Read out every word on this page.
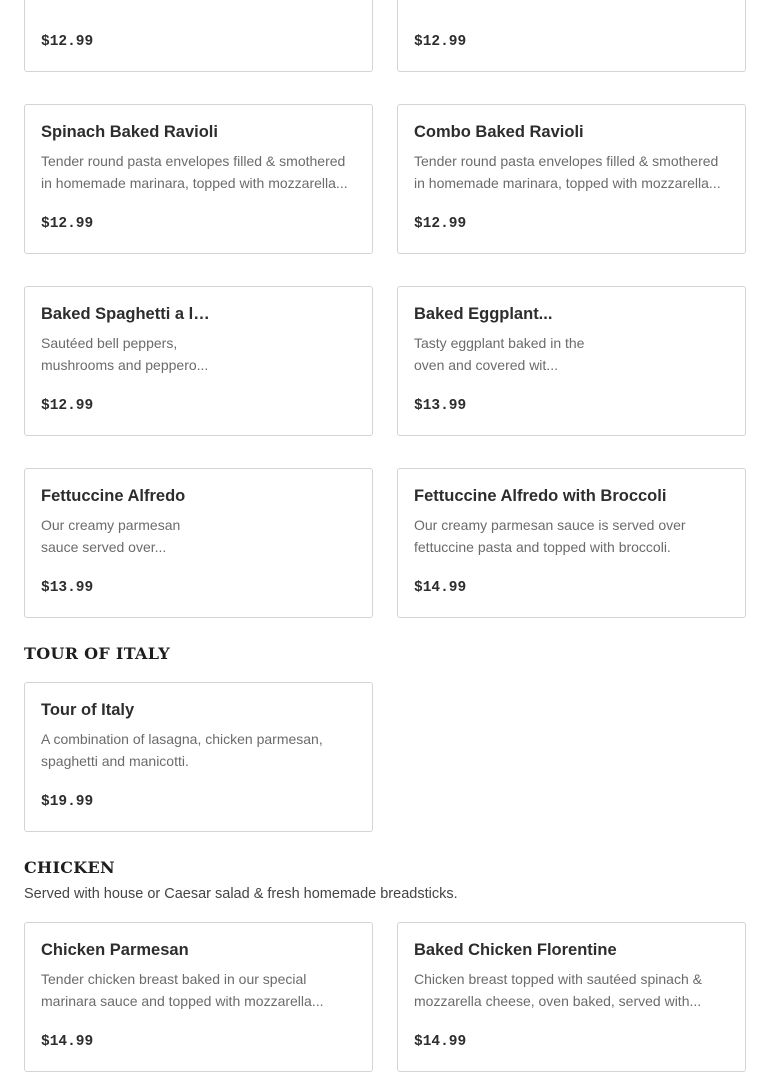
$12.99	$12.99
Spinach Baked Ravioli
Tender round pasta envelopes filled & smothered in homemade marinara, topped with mozzarella...
$12.99
Combo Baked Ravioli
Tender round pasta envelopes filled & smothered in homemade marinara, topped with mozzarella...
$12.99
Baked Spaghetti a la...
Sautéed bell peppers, mushrooms and pepperо...
$12.99
Baked Eggplant...
Tasty eggplant baked in the oven and covered wit...
$13.99
Fettuccine Alfredo
Our creamy parmesan sauce served over...
$13.99
Fettuccine Alfredo with Broccoli
Our creamy parmesan sauce is served over fettuccine pasta and topped with broccoli.
$14.99
TOUR OF ITALY
Tour of Italy
A combination of lasagna, chicken parmesan, spaghetti and manicotti.
$19.99
CHICKEN
Served with house or Caesar salad & fresh homemade breadsticks.
Chicken Parmesan
Tender chicken breast baked in our special marinara sauce and topped with mozzarella...
$14.99
Baked Chicken Florentine
Chicken breast topped with sautéed spinach & mozzarella cheese, oven baked, served with...
$14.99
